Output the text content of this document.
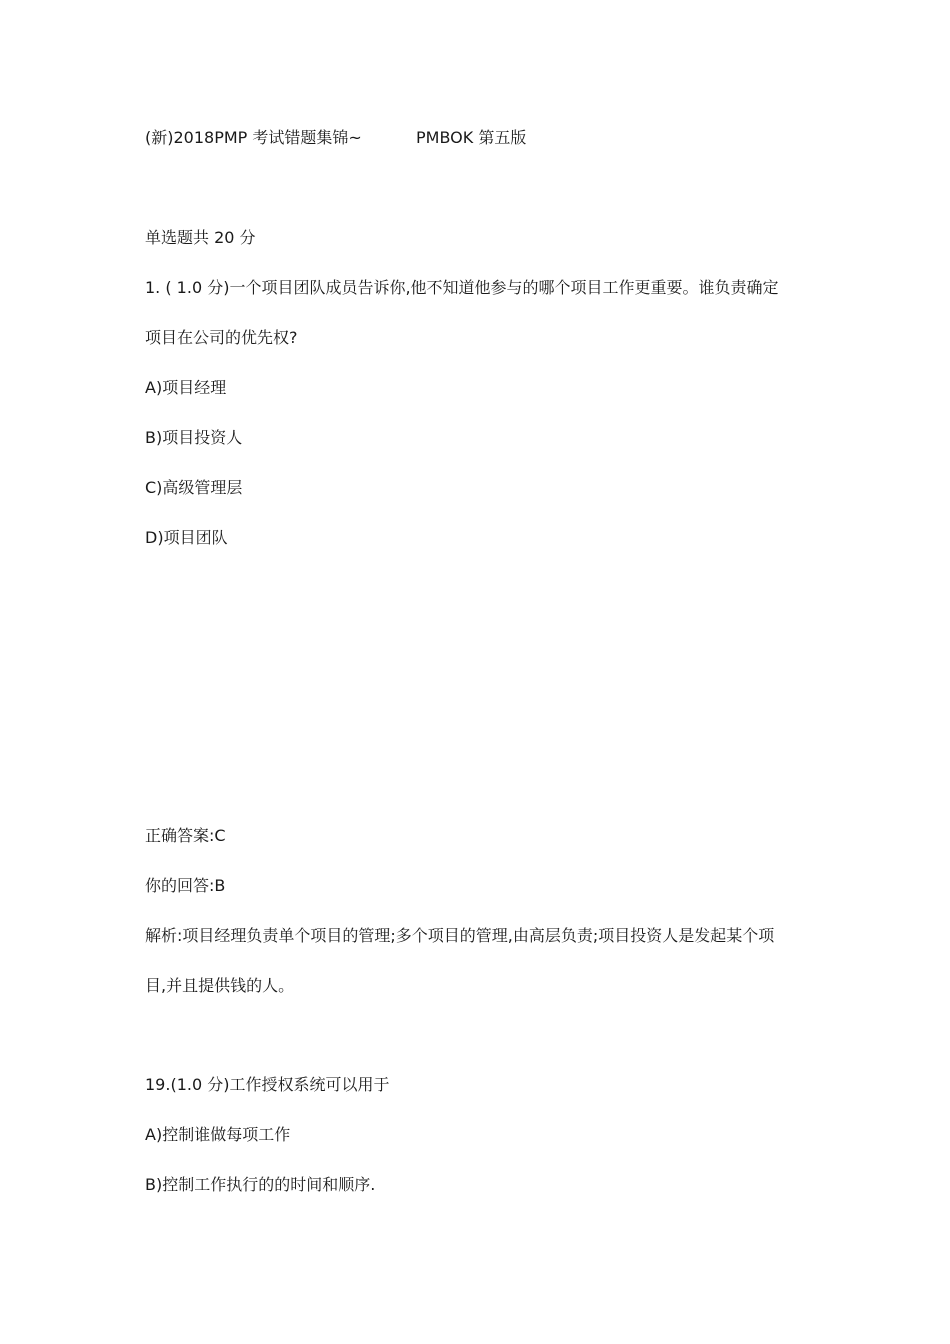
(新)2018PMP 考试错题集锦~	PMBOK 第五版
单选题共 20 分
1. ( 1.0 分)一个项目团队成员告诉你,他不知道他参与的哪个项目工作更重要。谁负责确定
项目在公司的优先权?
A)项目经理
B)项目投资人
C)高级管理层
D)项目团队
正确答案:C
你的回答:B
解析:项目经理负责单个项目的管理;多个项目的管理,由高层负责;项目投资人是发起某个项
目,并且提供钱的人。
19.(1.0 分)工作授权系统可以用于
A)控制谁做每项工作
B)控制工作执行的的时间和顺序.
